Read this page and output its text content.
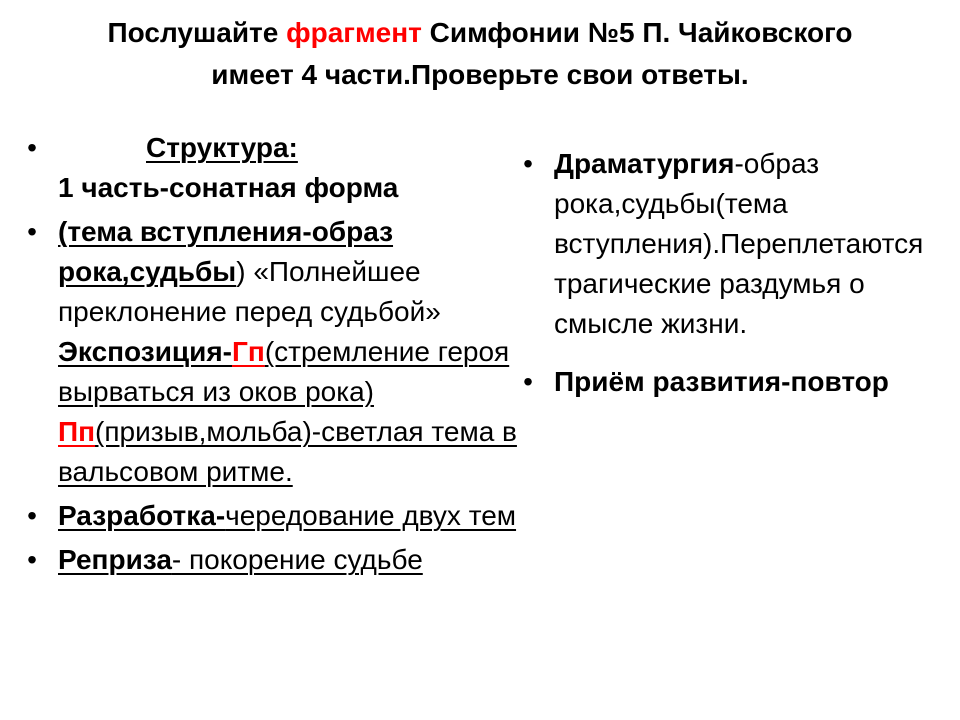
Послушайте фрагмент Симфонии №5 П. Чайковского
имеет 4 части.Проверьте свои ответы.
•	Структура:
1 часть-сонатная форма
• (тема вступления-образ рока,судьбы) «Полнейшее преклонение перед судьбой»
Экспозиция-Гп(стремление героя вырваться из оков рока)
Пп(призыв,мольба)-светлая тема в вальсовом ритме.
• Разработка-чередование двух тем
• Реприза- покорение судьбе
• Драматургия-образ рока,судьбы(тема вступления).Переплетаются трагические раздумья о смысле жизни.
• Приём развития-повтор
